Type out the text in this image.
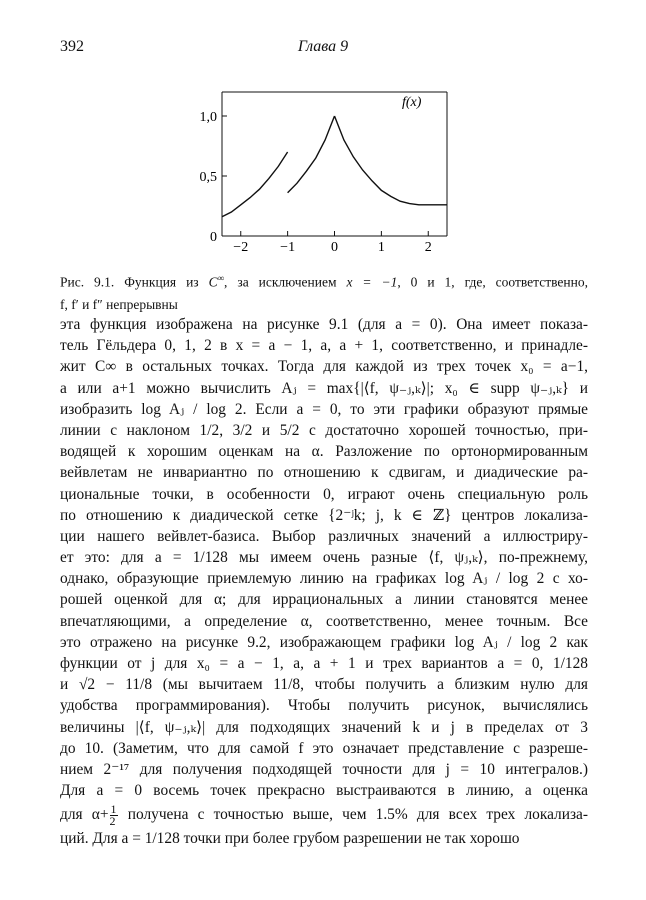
392	Глава 9
−2 −1	0	1	2
0
0,5
1,0
f(x)
Рис. 9.1. Функция из C∞, за исключением x = −1, 0 и 1, где, соответственно,
f, f′ и f″ непрерывны
эта функция изображена на рисунке 9.1 (для a = 0). Она имеет показа-
тель Гёльдера 0, 1, 2 в x = a − 1, a, a + 1, соответственно, и принадле-
жит C∞ в остальных точках. Тогда для каждой из трех точек x₀ = a−1,
a или a+1 можно вычислить Aⱼ = max{|⟨f, ψ₋ⱼ,ₖ⟩|; x₀ ∈ supp ψ₋ⱼ,ₖ} и
изобразить log Aⱼ / log 2. Если a = 0, то эти графики образуют прямые
линии с наклоном 1/2, 3/2 и 5/2 с достаточно хорошей точностью, при-
водящей к хорошим оценкам на α. Разложение по ортонормированным
вейвлетам не инвариантно по отношению к сдвигам, и диадические ра-
циональные точки, в особенности 0, играют очень специальную роль
по отношению к диадической сетке {2⁻ʲk; j, k ∈ ℤ} центров локализа-
ции нашего вейвлет-базиса. Выбор различных значений a иллюстриру-
ет это: для a = 1/128 мы имеем очень разные ⟨f, ψⱼ,ₖ⟩, по-прежнему,
однако, образующие приемлемую линию на графиках log Aⱼ / log 2 с хо-
рошей оценкой для α; для иррациональных a линии становятся менее
впечатляющими, а определение α, соответственно, менее точным. Все
это отражено на рисунке 9.2, изображающем графики log Aⱼ / log 2 как
функции от j для x₀ = a − 1, a, a + 1 и трех вариантов a = 0, 1/128
и √2 − 11/8 (мы вычитаем 11/8, чтобы получить a близким нулю для
удобства программирования). Чтобы получить рисунок, вычислялись
величины |⟨f, ψ₋ⱼ,ₖ⟩| для подходящих значений k и j в пределах от 3
до 10. (Заметим, что для самой f это означает представление с разреше-
нием 2⁻¹⁷ для получения подходящей точности для j = 10 интегралов.)
Для a = 0 восемь точек прекрасно выстраиваются в линию, а оценка
для $\alpha+ \frac{1}{2}$ получена с точностью выше, чем 1.5% для всех трех локализа-
ций. Для a = 1/128 точки при более грубом разрешении не так хорошо
